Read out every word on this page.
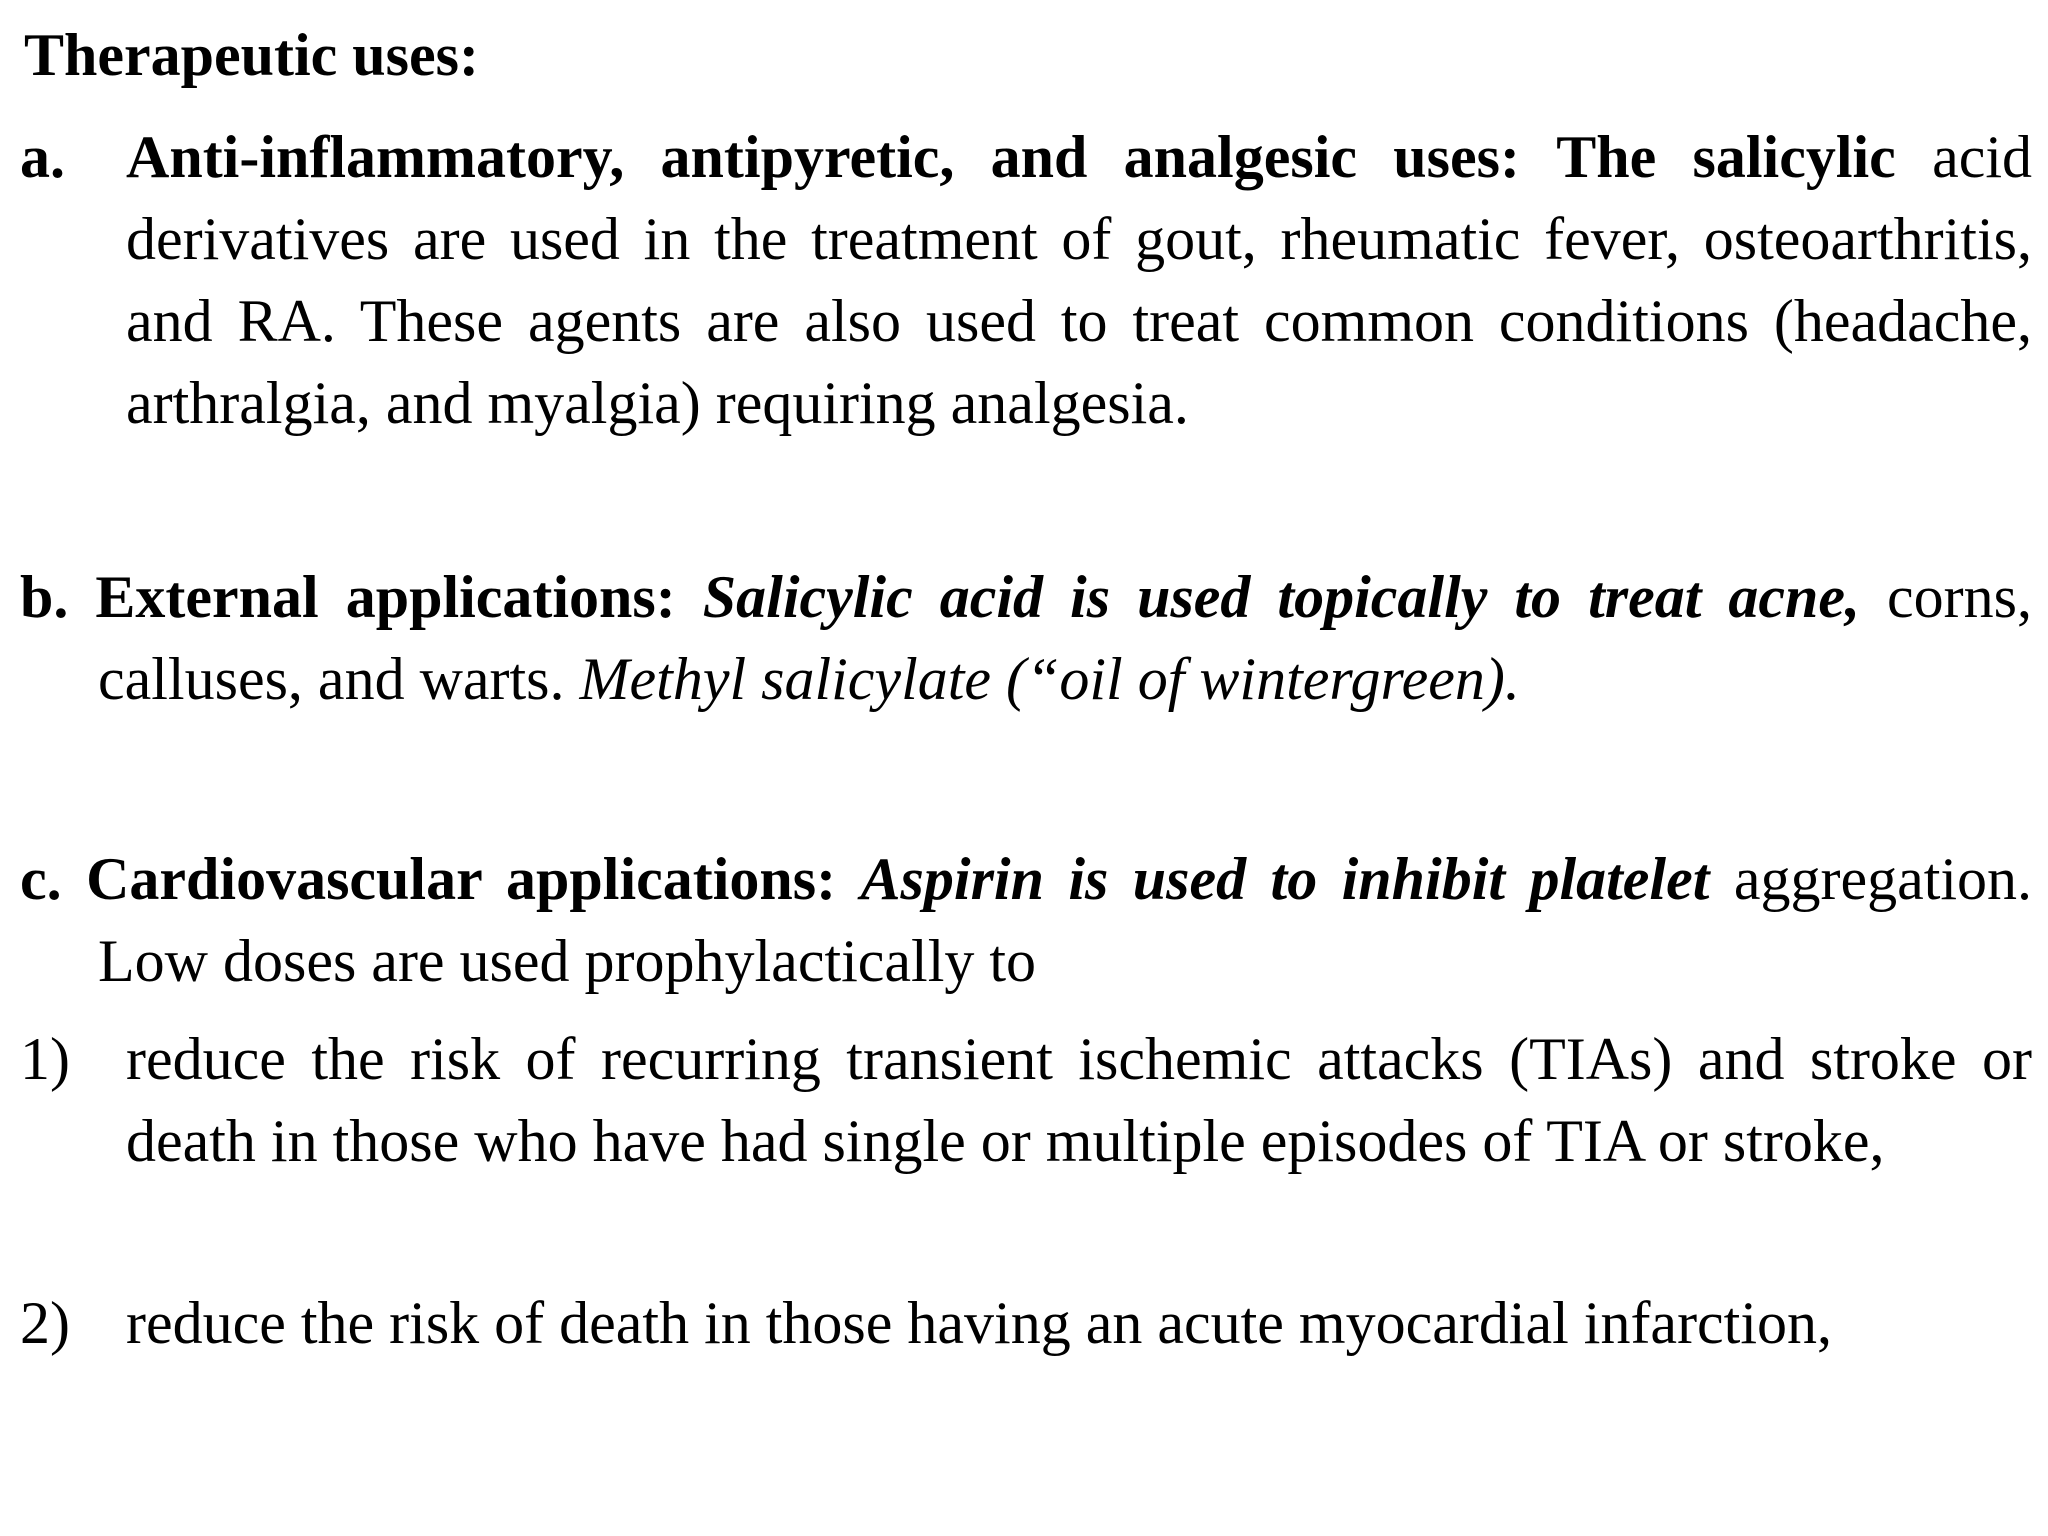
Therapeutic uses:
a. Anti-inflammatory, antipyretic, and analgesic uses: The salicylic acid derivatives are used in the treatment of gout, rheumatic fever, osteoarthritis, and RA. These agents are also used to treat common conditions (headache, arthralgia, and myalgia) requiring analgesia.
b. External applications: Salicylic acid is used topically to treat acne, corns, calluses, and warts. Methyl salicylate (“oil of wintergreen).
c. Cardiovascular applications: Aspirin is used to inhibit platelet aggregation. Low doses are used prophylactically to
1) reduce the risk of recurring transient ischemic attacks (TIAs) and stroke or death in those who have had single or multiple episodes of TIA or stroke,
2) reduce the risk of death in those having an acute myocardial infarction,
